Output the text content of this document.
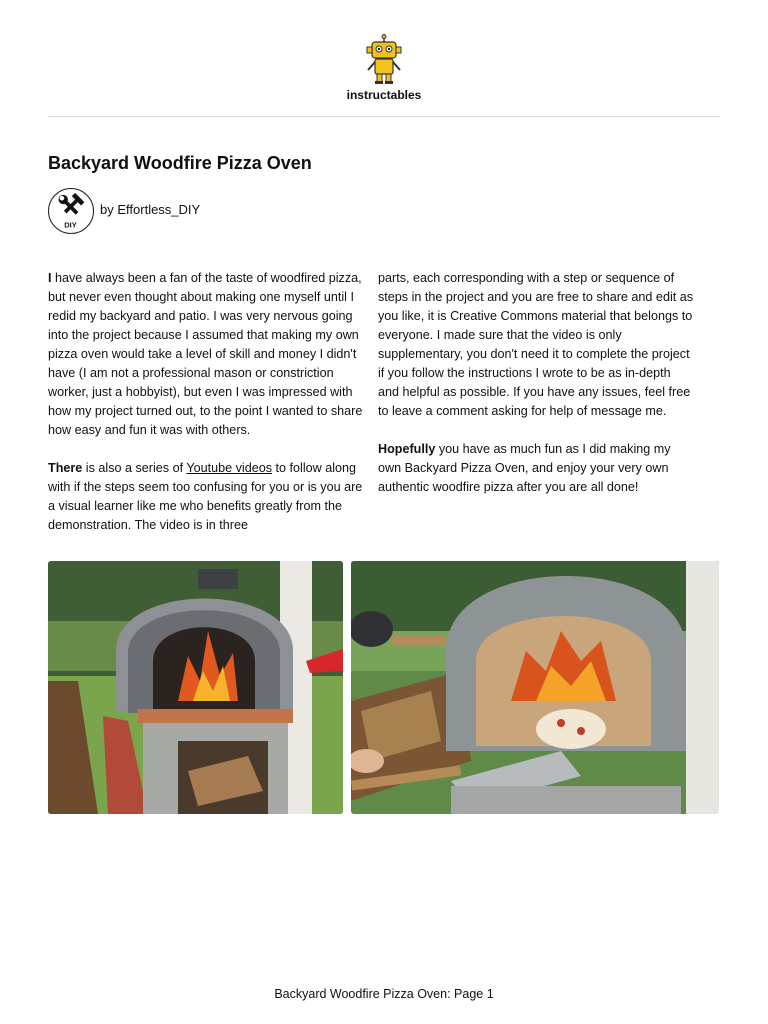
instructables
Backyard Woodfire Pizza Oven
DIY
by Effortless_DIY

I have always been a fan of the taste of woodfired pizza, but never even thought about making one myself until I redid my backyard and patio. I was very nervous going into the project because I assumed that making my own pizza oven would take a level of skill and money I didn't have (I am not a professional mason or constriction worker, just a hobbyist), but even I was impressed with how my project turned out, to the point I wanted to share how easy and fun it was with others.

There is also a series of Youtube videos to follow along with if the steps seem too confusing for you or is you are a visual learner like me who benefits greatly from the demonstration. The video is in three

parts, each corresponding with a step or sequence of steps in the project and you are free to share and edit as you like, it is Creative Commons material that belongs to everyone. I made sure that the video is only supplementary, you don't need it to complete the project if you follow the instructions I wrote to be as in-depth and helpful as possible. If you have any issues, feel free to leave a comment asking for help of message me.

Hopefully you have as much fun as I did making my own Backyard Pizza Oven, and enjoy your very own authentic woodfire pizza after you are all done!

Backyard Woodfire Pizza Oven: Page 1
